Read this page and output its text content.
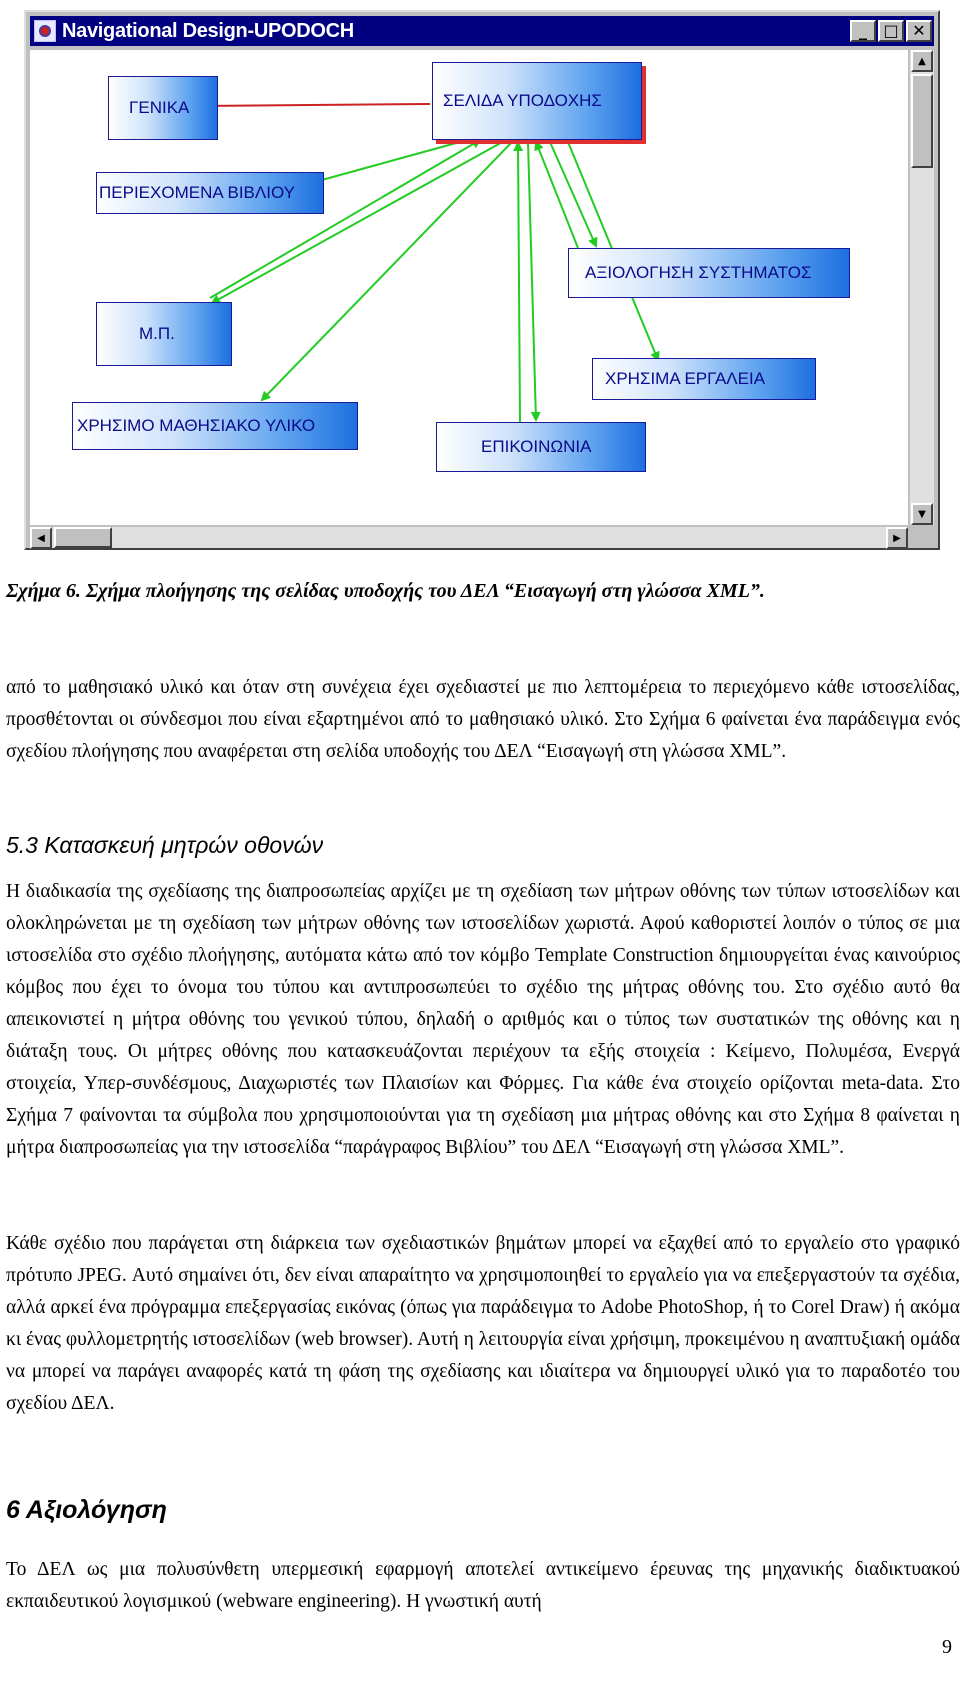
Navigational Design-UPODOCH	_	□ ✕
ΣΕΛΙΔΑ ΥΠΟΔΟΧΗΣ
ΓΕΝΙΚΑ
ΠΕΡΙΕΧΟΜΕΝΑ ΒΙΒΛΙΟΥ
ΑΞΙΟΛΟΓΗΣΗ ΣΥΣΤΗΜΑΤΟΣ
Μ.Π.
ΧΡΗΣΙΜΑ ΕΡΓΑΛΕΙΑ
ΧΡΗΣΙΜΟ ΜΑΘΗΣΙΑΚΟ ΥΛΙΚΟ
ΕΠΙΚΟΙΝΩΝΙΑ
▲
▼
◀	▶
Σχήμα 6. Σχήμα πλοήγησης της σελίδας υποδοχής του ΔΕΛ “Εισαγωγή στη γλώσσα XML”.

από το μαθησιακό υλικό και όταν στη συνέχεια έχει σχεδιαστεί με πιο λεπτομέρεια το περιεχόμενο κάθε ιστοσελίδας, προσθέτονται οι σύνδεσμοι που είναι εξαρτημένοι από το μαθησιακό υλικό. Στο Σχήμα 6 φαίνεται ένα παράδειγμα ενός σχεδίου πλοήγησης που αναφέρεται στη σελίδα υποδοχής του ΔΕΛ “Εισαγωγή στη γλώσσα XML”.

5.3 Κατασκευή μητρών οθονών

Η διαδικασία της σχεδίασης της διαπροσωπείας αρχίζει με τη σχεδίαση των μήτρων οθόνης των τύπων ιστοσελίδων και ολοκληρώνεται με τη σχεδίαση των μήτρων οθόνης των ιστοσελίδων χωριστά. Αφού καθοριστεί λοιπόν ο τύπος σε μια ιστοσελίδα στο σχέδιο πλοήγησης, αυτόματα κάτω από τον κόμβο Template Construction δημιουργείται ένας καινούριος κόμβος που έχει το όνομα του τύπου και αντιπροσωπεύει το σχέδιο της μήτρας οθόνης του. Στο σχέδιο αυτό θα απεικονιστεί η μήτρα οθόνης του γενικού τύπου, δηλαδή ο αριθμός και ο τύπος των συστατικών της οθόνης και η διάταξη τους. Οι μήτρες οθόνης που κατασκευάζονται περιέχουν τα εξής στοιχεία : Κείμενο, Πολυμέσα, Ενεργά στοιχεία, Υπερ-συνδέσμους, Διαχωριστές των Πλαισίων και Φόρμες. Για κάθε ένα στοιχείο ορίζονται meta-data. Στο Σχήμα 7 φαίνονται τα σύμβολα που χρησιμοποιούνται για τη σχεδίαση μια μήτρας οθόνης και στο Σχήμα 8 φαίνεται η μήτρα διαπροσωπείας για την ιστοσελίδα “παράγραφος Βιβλίου” του ΔΕΛ “Εισαγωγή στη γλώσσα XML”.

Κάθε σχέδιο που παράγεται στη διάρκεια των σχεδιαστικών βημάτων μπορεί να εξαχθεί από το εργαλείο στο γραφικό πρότυπο JPEG. Αυτό σημαίνει ότι, δεν είναι απαραίτητο να χρησιμοποιηθεί το εργαλείο για να επεξεργαστούν τα σχέδια, αλλά αρκεί ένα πρόγραμμα επεξεργασίας εικόνας (όπως για παράδειγμα το Adobe PhotoShop, ή το Corel Draw) ή ακόμα κι ένας φυλλομετρητής ιστοσελίδων (web browser). Αυτή η λειτουργία είναι χρήσιμη, προκειμένου η αναπτυξιακή ομάδα να μπορεί να παράγει αναφορές κατά τη φάση της σχεδίασης και ιδιαίτερα να δημιουργεί υλικό για το παραδοτέο του σχεδίου ΔΕΛ.

6 Αξιολόγηση

Το ΔΕΛ ως μια πολυσύνθετη υπερμεσική εφαρμογή αποτελεί αντικείμενο έρευνας της μηχανικής διαδικτυακού εκπαιδευτικού λογισμικού (webware engineering). Η γνωστική αυτή

9
